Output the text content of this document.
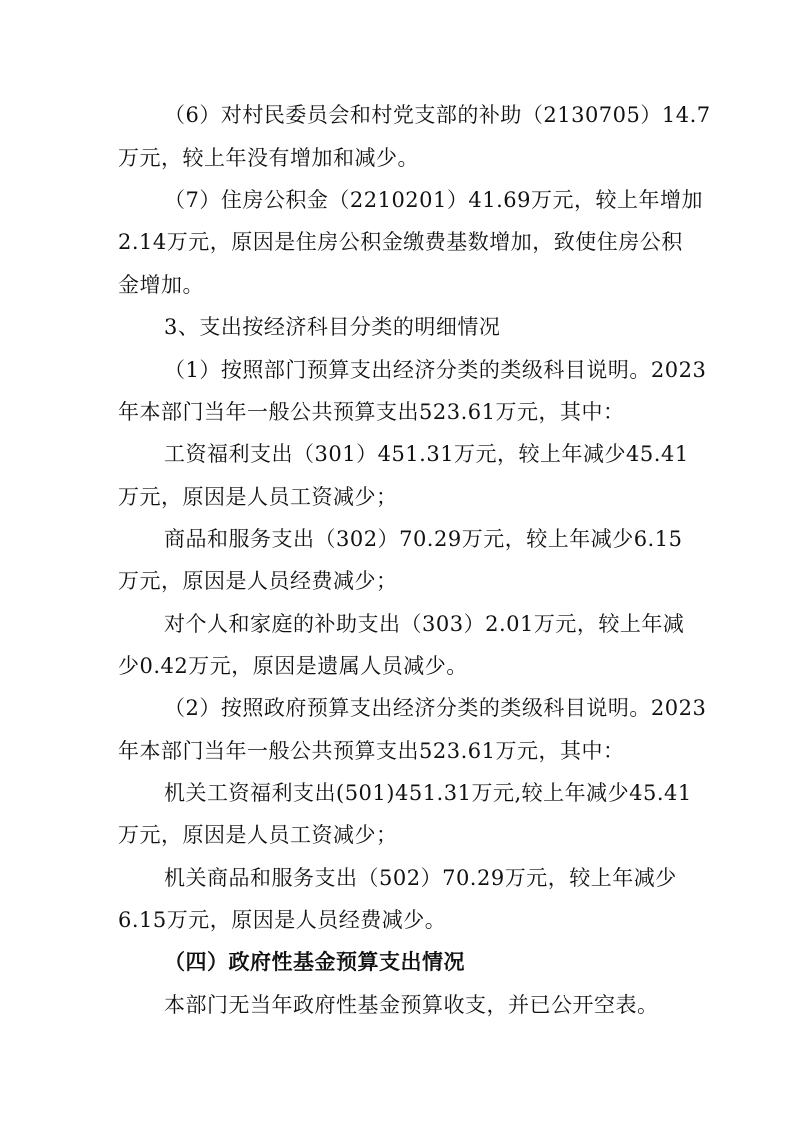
（6）对村民委员会和村党支部的补助（2130705）14.7
万元，较上年没有增加和减少。
（7）住房公积金（2210201）41.69万元，较上年增加
2.14万元，原因是住房公积金缴费基数增加，致使住房公积
金增加。
3、支出按经济科目分类的明细情况
（1）按照部门预算支出经济分类的类级科目说明。2023
年本部门当年一般公共预算支出523.61万元，其中：
工资福利支出（301）451.31万元，较上年减少45.41
万元，原因是人员工资减少；
商品和服务支出（302）70.29万元，较上年减少6.15
万元，原因是人员经费减少；
对个人和家庭的补助支出（303）2.01万元，较上年减
少0.42万元，原因是遗属人员减少。
（2）按照政府预算支出经济分类的类级科目说明。2023
年本部门当年一般公共预算支出523.61万元，其中：
机关工资福利支出(501)451.31万元,较上年减少45.41
万元，原因是人员工资减少；
机关商品和服务支出（502）70.29万元，较上年减少
6.15万元，原因是人员经费减少。
（四）政府性基金预算支出情况
本部门无当年政府性基金预算收支，并已公开空表。
